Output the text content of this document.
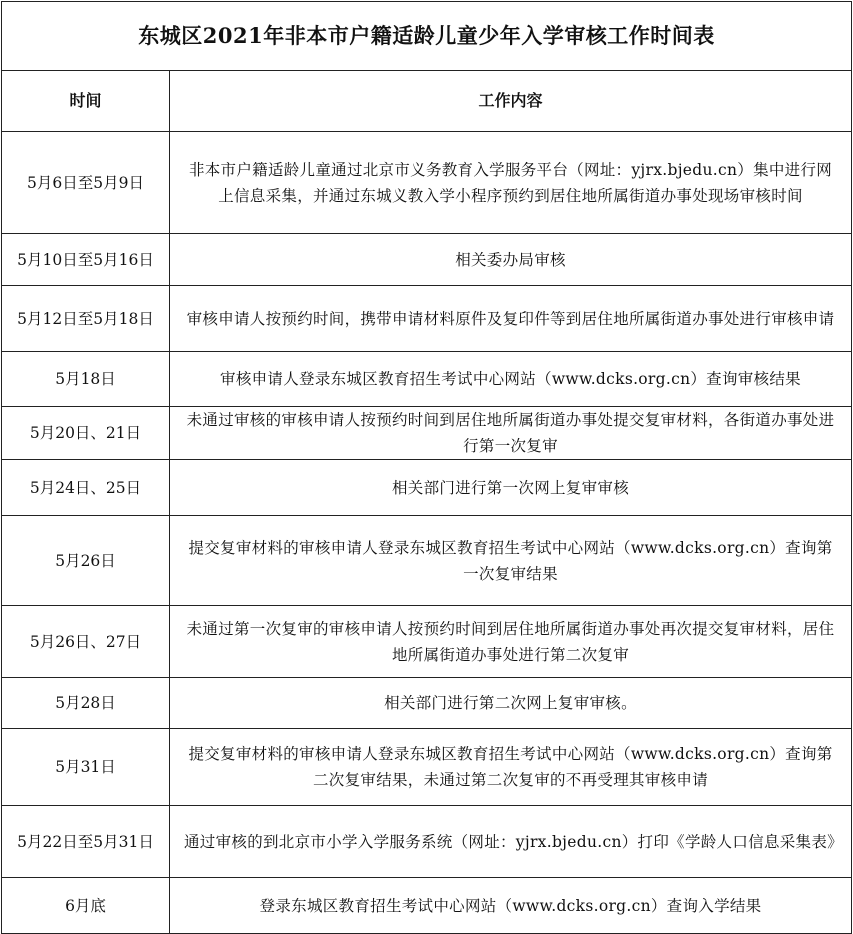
东城区2021年非本市户籍适龄儿童少年入学审核工作时间表	
时间	工作内容
5月6日至5月9日	非本市户籍适龄儿童通过北京市义务教育入学服务平台（网址：yjrx.bjedu.cn）集中进行网上信息采集，并通过东城义教入学小程序预约到居住地所属街道办事处现场审核时间
5月10日至5月16日	相关委办局审核
5月12日至5月18日	审核申请人按预约时间，携带申请材料原件及复印件等到居住地所属街道办事处进行审核申请
5月18日	审核申请人登录东城区教育招生考试中心网站（www.dcks.org.cn）查询审核结果
5月20日、21日	未通过审核的审核申请人按预约时间到居住地所属街道办事处提交复审材料，各街道办事处进行第一次复审
5月24日、25日	相关部门进行第一次网上复审审核
5月26日	提交复审材料的审核申请人登录东城区教育招生考试中心网站（www.dcks.org.cn）查询第一次复审结果
5月26日、27日	未通过第一次复审的审核申请人按预约时间到居住地所属街道办事处再次提交复审材料，居住地所属街道办事处进行第二次复审
5月28日	相关部门进行第二次网上复审审核。
5月31日	提交复审材料的审核申请人登录东城区教育招生考试中心网站（www.dcks.org.cn）查询第二次复审结果，未通过第二次复审的不再受理其审核申请
5月22日至5月31日	通过审核的到北京市小学入学服务系统（网址：yjrx.bjedu.cn）打印《学龄人口信息采集表》
6月底	登录东城区教育招生考试中心网站（www.dcks.org.cn）查询入学结果
